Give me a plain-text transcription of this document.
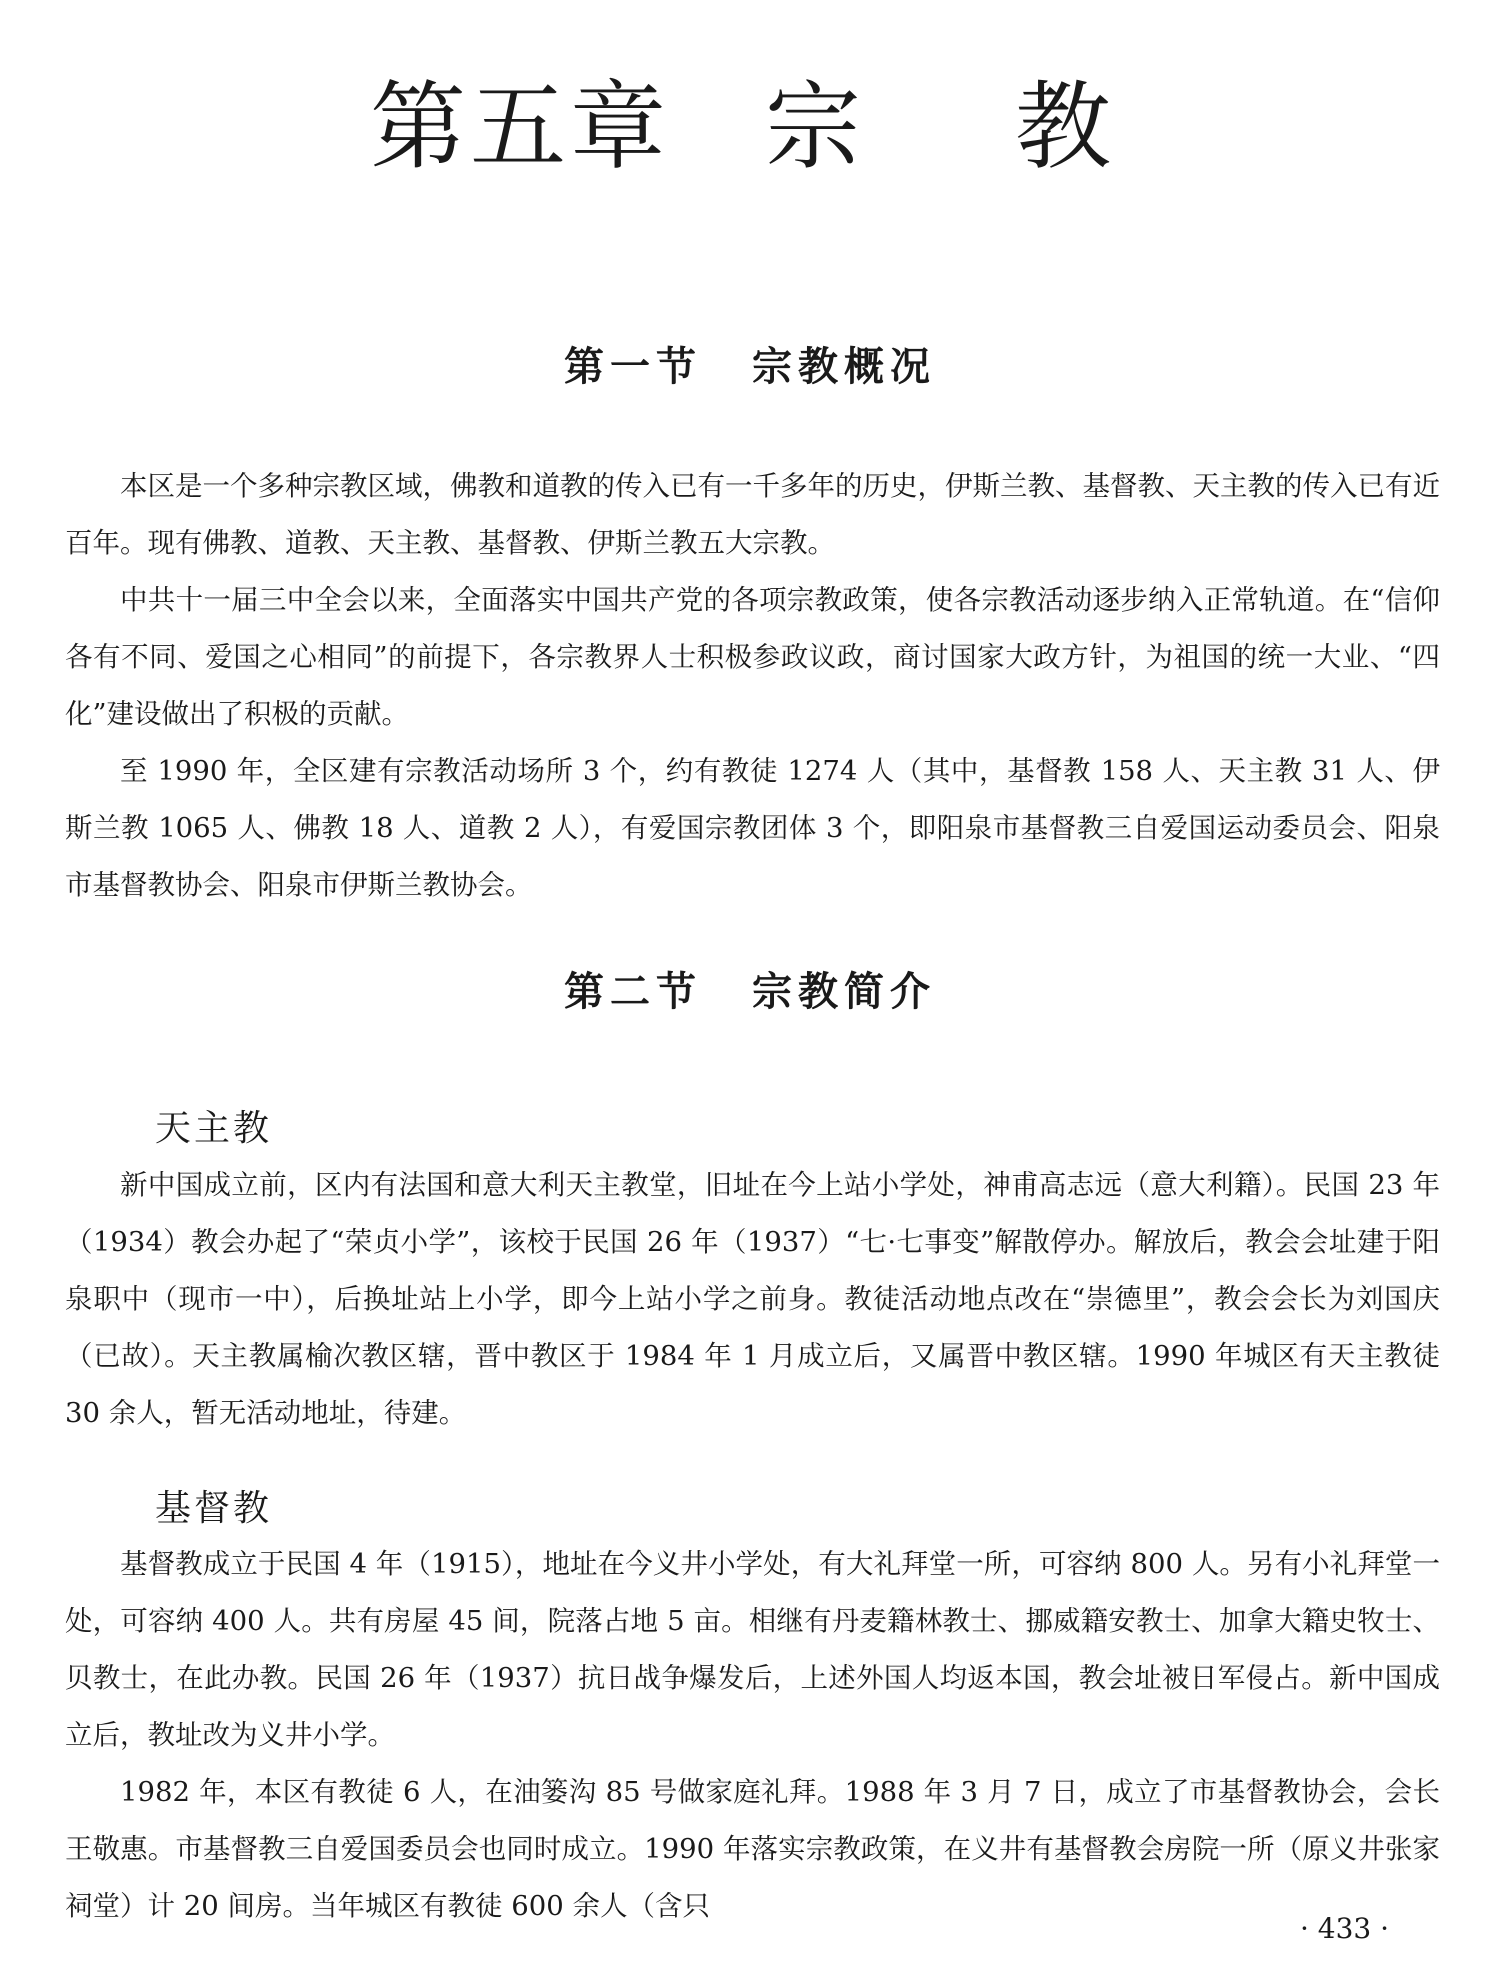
第五章 宗 教
第一节 宗教概况

本区是一个多种宗教区域，佛教和道教的传入已有一千多年的历史，伊斯兰教、基督教、天主教的传入已有近百年。现有佛教、道教、天主教、基督教、伊斯兰教五大宗教。

中共十一届三中全会以来，全面落实中国共产党的各项宗教政策，使各宗教活动逐步纳入正常轨道。在“信仰各有不同、爱国之心相同”的前提下，各宗教界人士积极参政议政，商讨国家大政方针，为祖国的统一大业、“四化”建设做出了积极的贡献。

至 1990 年，全区建有宗教活动场所 3 个，约有教徒 1274 人（其中，基督教 158 人、天主教 31 人、伊斯兰教 1065 人、佛教 18 人、道教 2 人），有爱国宗教团体 3 个，即阳泉市基督教三自爱国运动委员会、阳泉市基督教协会、阳泉市伊斯兰教协会。

第二节 宗教简介
天主教

新中国成立前，区内有法国和意大利天主教堂，旧址在今上站小学处，神甫高志远（意大利籍）。民国 23 年（1934）教会办起了“荣贞小学”，该校于民国 26 年（1937）“七·七事变”解散停办。解放后，教会会址建于阳泉职中（现市一中），后换址站上小学，即今上站小学之前身。教徒活动地点改在“崇德里”，教会会长为刘国庆（已故）。天主教属榆次教区辖，晋中教区于 1984 年 1 月成立后，又属晋中教区辖。1990 年城区有天主教徒 30 余人，暂无活动地址，待建。

基督教

基督教成立于民国 4 年（1915），地址在今义井小学处，有大礼拜堂一所，可容纳 800 人。另有小礼拜堂一处，可容纳 400 人。共有房屋 45 间，院落占地 5 亩。相继有丹麦籍林教士、挪威籍安教士、加拿大籍史牧士、贝教士，在此办教。民国 26 年（1937）抗日战争爆发后，上述外国人均返本国，教会址被日军侵占。新中国成立后，教址改为义井小学。

1982 年，本区有教徒 6 人，在油篓沟 85 号做家庭礼拜。1988 年 3 月 7 日，成立了市基督教协会，会长王敬惠。市基督教三自爱国委员会也同时成立。1990 年落实宗教政策，在义井有基督教会房院一所（原义井张家祠堂）计 20 间房。当年城区有教徒 600 余人（含只

· 433 ·
